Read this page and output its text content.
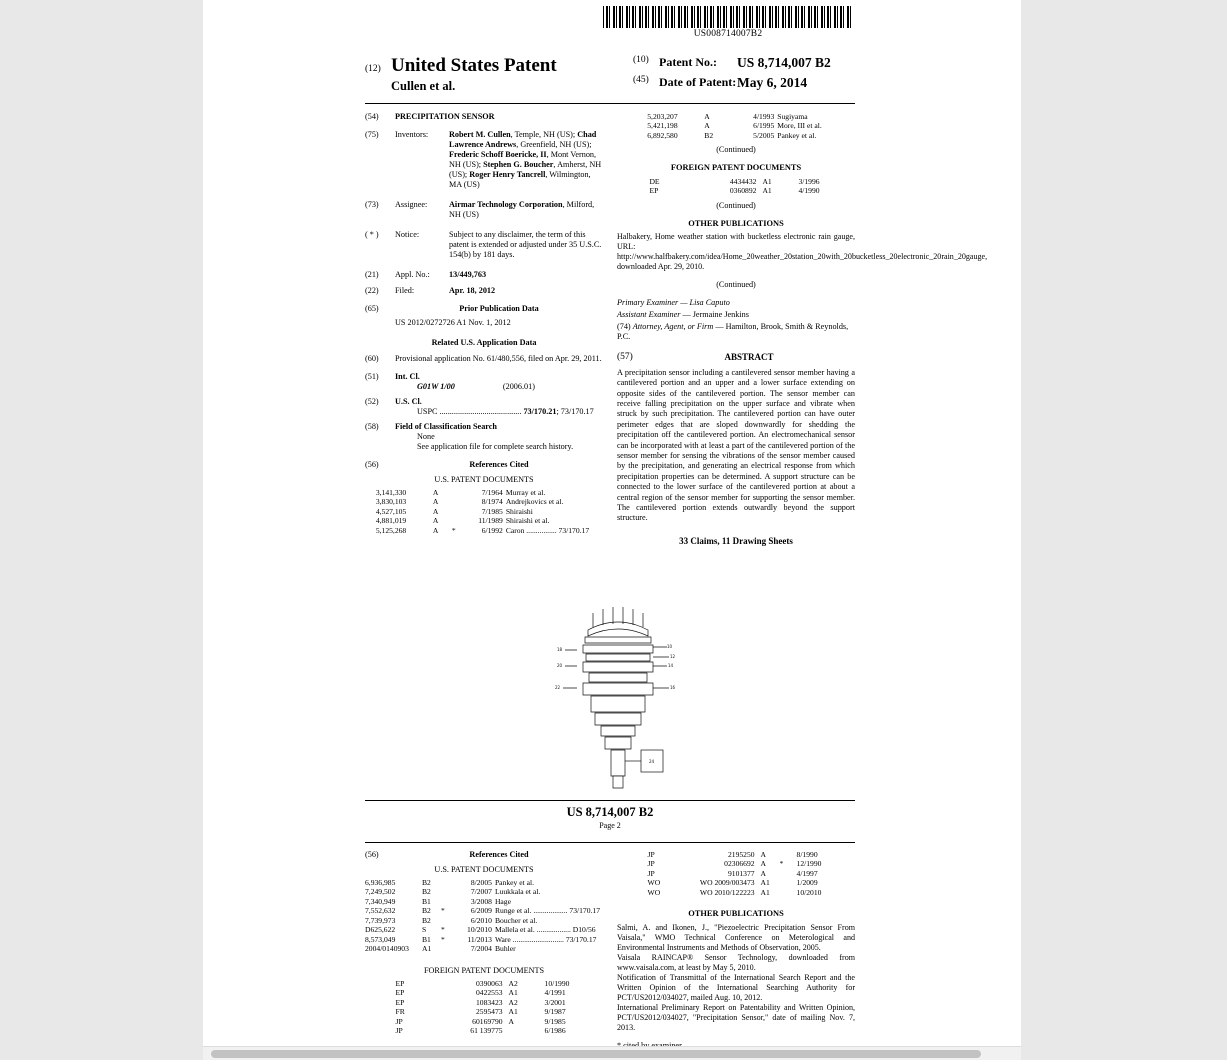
US008714007B2
(12) United States Patent
Cullen et al.
(10) Patent No.:	US 8,714,007 B2
(45) Date of Patent: May 6, 2014
(54)	PRECIPITATION SENSOR
(75)	Inventors:	Robert M. Cullen, Temple, NH (US); Chad Lawrence Andrews, Greenfield, NH (US); Frederic Schoff Boericke, II, Mont Vernon, NH (US); Stephen G. Boucher, Amherst, NH (US); Roger Henry Tancrell, Wilmington, MA (US)
(73)	Assignee:	Airmar Technology Corporation, Milford, NH (US)
( * )	Notice:	Subject to any disclaimer, the term of this patent is extended or adjusted under 35 U.S.C. 154(b) by 181 days.
(21)	Appl. No.:	13/449,763
(22)	Filed:	Apr. 18, 2012
(65)	Prior Publication Data
US 2012/0272726 A1 Nov. 1, 2012
Related U.S. Application Data
(60)	Provisional application No. 61/480,556, filed on Apr. 29, 2011.
(51)	Int. Cl.
G01W 1/00	(2006.01)
(52)	U.S. Cl.
USPC ........................................ 73/170.21; 73/170.17
(58)	Field of Classification Search
None
See application file for complete search history.
(56)	References Cited
U.S. PATENT DOCUMENTS
3,141,330	A		7/1964	Murray et al.
3,830,103	A		8/1974	Andrejkovics et al.
4,527,105	A		7/1985	Shiraishi
4,881,019	A		11/1989	Shiraishi et al.
5,125,268	A	*	6/1992	Caron ................ 73/170.17
5,203,207	A		4/1993	Sugiyama
5,421,198	A		6/1995	More, III et al.
6,892,580	B2		5/2005	Pankey et al.
(Continued)
FOREIGN PATENT DOCUMENTS
DE	4434432	A1		3/1996
EP	0360892	A1		4/1990
(Continued)
OTHER PUBLICATIONS
Halbakery, Home weather station with bucketless electronic rain gauge, URL: http://www.halfbakery.com/idea/Home_20weather_20station_20with_20bucketless_20electronic_20rain_20gauge, downloaded Apr. 29, 2010.
(Continued)
Primary Examiner — Lisa Caputo
Assistant Examiner — Jermaine Jenkins
(74) Attorney, Agent, or Firm — Hamilton, Brook, Smith & Reynolds, P.C.
(57)	ABSTRACT
A precipitation sensor including a cantilevered sensor member having a cantilevered portion and an upper and a lower surface extending on opposite sides of the cantilevered portion. The sensor member can receive falling precipitation on the upper surface and vibrate when struck by such precipitation. The cantilevered portion can have outer perimeter edges that are sloped downwardly for shedding the precipitation off the cantilevered portion. An electromechanical sensor can be incorporated with at least a part of the cantilevered portion of the sensor member for sensing the vibrations of the sensor member caused by the precipitation, and generating an electrical response from which precipitation properties can be determined. A support structure can be connected to the lower surface of the cantilevered portion at about a central region of the sensor member for supporting the sensor member. The cantilevered portion extends outwardly beyond the support structure.
33 Claims, 11 Drawing Sheets
10
12
14
16
18
20
22
24
US 8,714,007 B2
Page 2
(56)	References Cited
U.S. PATENT DOCUMENTS
6,936,985	B2		8/2005	Pankey et al.
7,249,502	B2		7/2007	Luukkala et al.
7,340,949	B1		3/2008	Hage
7,552,632	B2	*	6/2009	Runge et al. .................. 73/170.17
7,739,973	B2		6/2010	Boucher et al.
D625,622	S	*	10/2010	Mallela et al. .................. D10/56
8,573,049	B1	*	11/2013	Ware ........................... 73/170.17
2004/0140903	A1		7/2004	Buhler
FOREIGN PATENT DOCUMENTS
EP	0390063	A2		10/1990
EP	0422553	A1		4/1991
EP	1083423	A2		3/2001
FR	2595473	A1		9/1987
JP	60169790	A		9/1985
JP	61 139775			6/1986
JP	2195250	A		8/1990
JP	02306692	A	*	12/1990
JP	9101377	A		4/1997
WO	WO 2009/003473	A1		1/2009
WO	WO 2010/122223	A1		10/2010
OTHER PUBLICATIONS
Salmi, A. and Ikonen, J., "Piezoelectric Precipitation Sensor From Vaisala," WMO Technical Conference on Meterological and Environmental Instruments and Methods of Observation, 2005.
Vaisala RAINCAP® Sensor Technology, downloaded from www.vaisala.com, at least by May 5, 2010.
Notification of Transmittal of the International Search Report and the Written Opinion of the International Searching Authority for PCT/US2012/034027, mailed Aug. 10, 2012.
International Preliminary Report on Patentability and Written Opinion, PCT/US2012/034027, "Precipitation Sensor," date of mailing Nov. 7, 2013.
